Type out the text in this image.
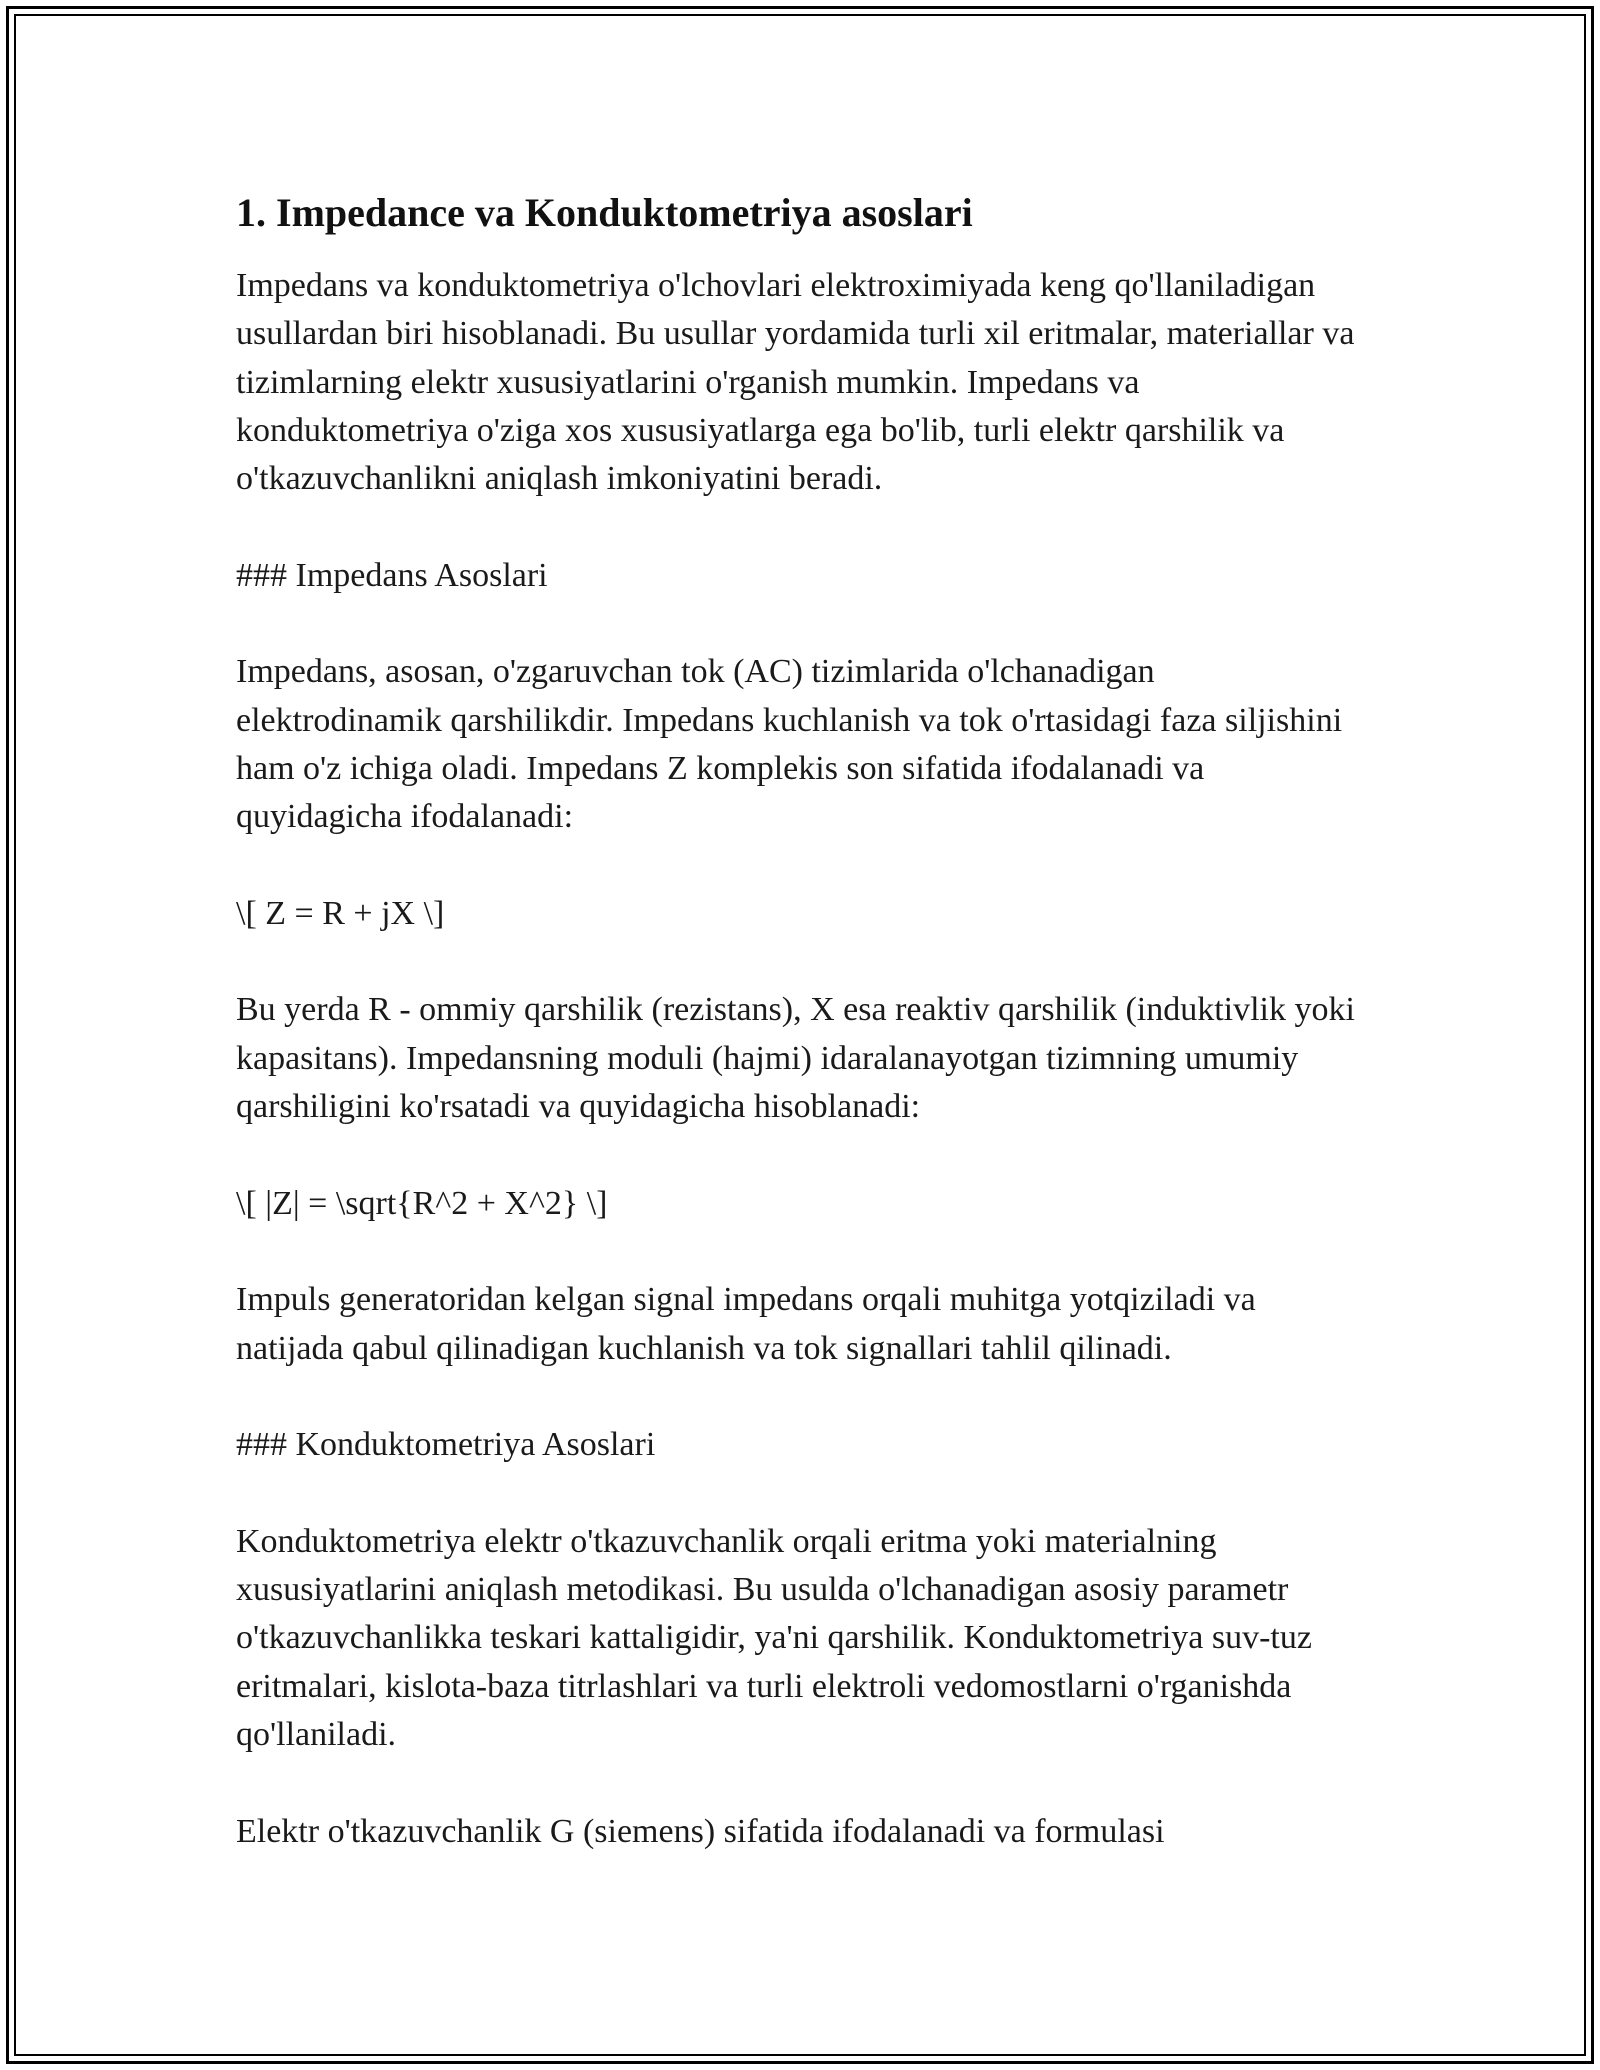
1. Impedance va Konduktometriya asoslari

Impedans va konduktometriya o'lchovlari elektroximiyada keng qo'llaniladigan usullardan biri hisoblanadi. Bu usullar yordamida turli xil eritmalar, materiallar va tizimlarning elektr xususiyatlarini o'rganish mumkin. Impedans va konduktometriya o'ziga xos xususiyatlarga ega bo'lib, turli elektr qarshilik va o'tkazuvchanlikni aniqlash imkoniyatini beradi.

### Impedans Asoslari

Impedans, asosan, o'zgaruvchan tok (AC) tizimlarida o'lchanadigan elektrodinamik qarshilikdir. Impedans kuchlanish va tok o'rtasidagi faza siljishini ham o'z ichiga oladi. Impedans Z komplekis son sifatida ifodalanadi va quyidagicha ifodalanadi:

\[ Z = R + jX \]

Bu yerda R - ommiy qarshilik (rezistans), X esa reaktiv qarshilik (induktivlik yoki kapasitans). Impedansning moduli (hajmi) idaralanayotgan tizimning umumiy qarshiligini ko'rsatadi va quyidagicha hisoblanadi:

\[ |Z| = \sqrt{R^2 + X^2} \]

Impuls generatoridan kelgan signal impedans orqali muhitga yotqiziladi va natijada qabul qilinadigan kuchlanish va tok signallari tahlil qilinadi.

### Konduktometriya Asoslari

Konduktometriya elektr o'tkazuvchanlik orqali eritma yoki materialning xususiyatlarini aniqlash metodikasi. Bu usulda o'lchanadigan asosiy parametr o'tkazuvchanlikka teskari kattaligidir, ya'ni qarshilik. Konduktometriya suv-tuz eritmalari, kislota-baza titrlashlari va turli elektroli vedomostlarni o'rganishda qo'llaniladi.

Elektr o'tkazuvchanlik G (siemens) sifatida ifodalanadi va formulasi
